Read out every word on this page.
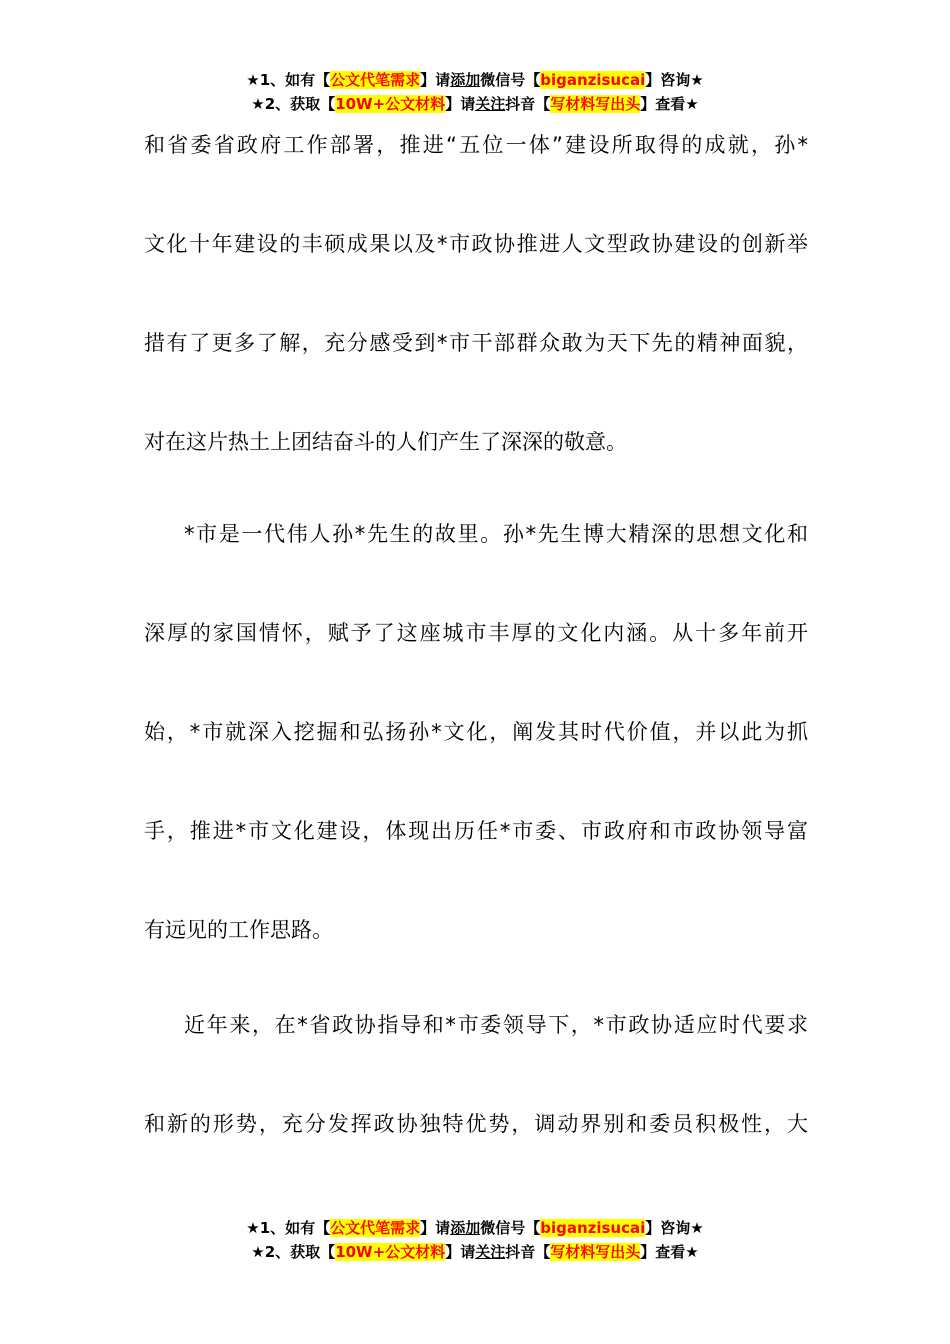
★1、如有【公文代笔需求】请添加微信号【biganzisucai】咨询★
★2、获取【10W+公文材料】请关注抖音【写材料写出头】查看★
和省委省政府工作部署，推进“五位一体”建设所取得的成就，孙*
文化十年建设的丰硕成果以及*市政协推进人文型政协建设的创新举
措有了更多了解，充分感受到*市干部群众敢为天下先的精神面貌，
对在这片热土上团结奋斗的人们产生了深深的敬意。
*市是一代伟人孙*先生的故里。孙*先生博大精深的思想文化和
深厚的家国情怀，赋予了这座城市丰厚的文化内涵。从十多年前开
始，*市就深入挖掘和弘扬孙*文化，阐发其时代价值，并以此为抓
手，推进*市文化建设，体现出历任*市委、市政府和市政协领导富
有远见的工作思路。
近年来，在*省政协指导和*市委领导下，*市政协适应时代要求
和新的形势，充分发挥政协独特优势，调动界别和委员积极性，大
★1、如有【公文代笔需求】请添加微信号【biganzisucai】咨询★
★2、获取【10W+公文材料】请关注抖音【写材料写出头】查看★
